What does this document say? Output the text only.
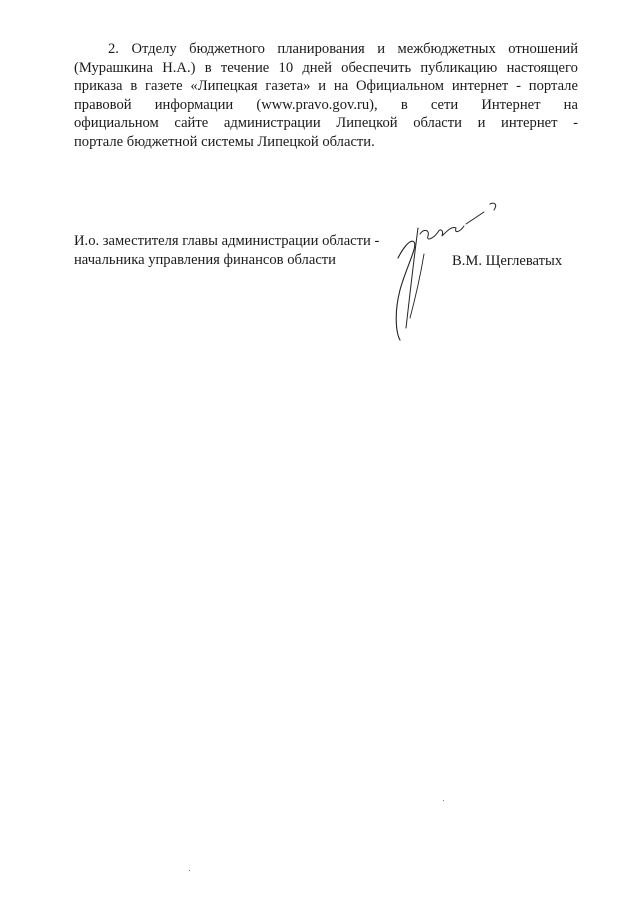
2. Отделу бюджетного планирования и межбюджетных отношений
(Мурашкина Н.А.) в течение 10 дней обеспечить публикацию настоящего
приказа в газете «Липецкая газета» и на Официальном интернет - портале
правовой информации (www.pravo.gov.ru), в сети Интернет на
официальном сайте администрации Липецкой области и интернет -
портале бюджетной системы Липецкой области.
И.о. заместителя главы администрации области -
начальника управления финансов области	В.М. Щеглеватых
